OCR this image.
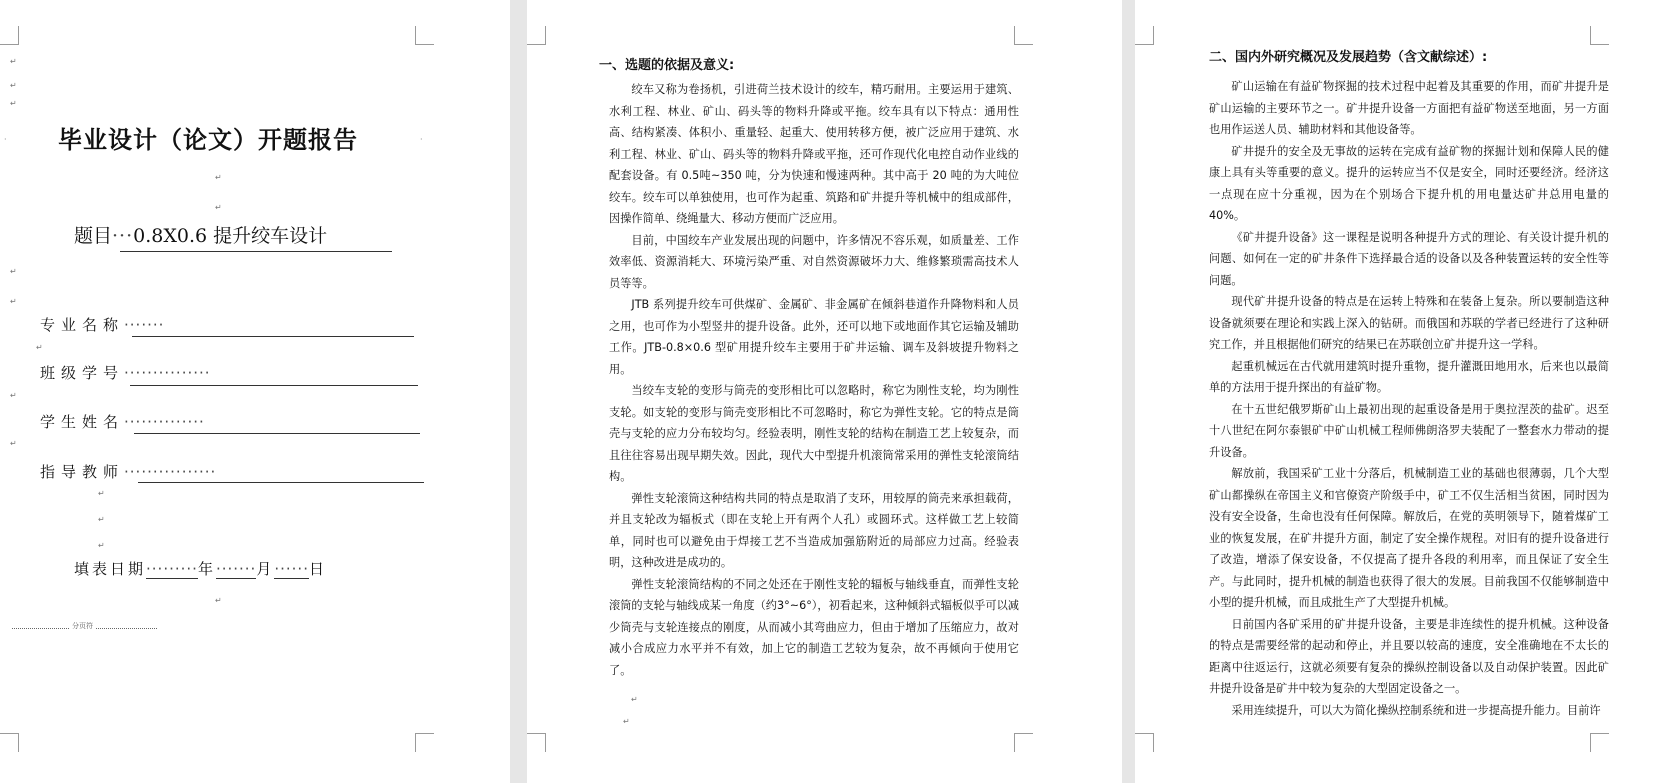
↵
↵
↵
·	·
毕业设计（论文）开题报告
↵
↵
题目···0.8X0.6 提升绞车设计
↵
↵
专业名称·······
↵
班级学号···············
↵
学生姓名··············
↵
指导教师················
↵
↵
↵
填表日期·········年·······月······日
↵
分页符
一、选题的依据及意义:

绞车又称为卷扬机，引进荷兰技术设计的绞车，精巧耐用。主要运用于建筑、水利工程、林业、矿山、码头等的物料升降或平拖。绞车具有以下特点：通用性高、结构紧凑、体积小、重量轻、起重大、使用转移方便，被广泛应用于建筑、水利工程、林业、矿山、码头等的物料升降或平拖，还可作现代化电控自动作业线的配套设备。有 0.5吨~350 吨，分为快速和慢速两种。其中高于 20 吨的为大吨位绞车。绞车可以单独使用，也可作为起重、筑路和矿井提升等机械中的组成部件，因操作简单、绕绳量大、移动方便而广泛应用。

目前，中国绞车产业发展出现的问题中，许多情况不容乐观，如质量差、工作效率低、资源消耗大、环境污染严重、对自然资源破坏力大、维修繁琐需高技术人员等等。

JTB 系列提升绞车可供煤矿、金属矿、非金属矿在倾斜巷道作升降物料和人员之用，也可作为小型竖井的提升设备。此外，还可以地下或地面作其它运输及辅助工作。JTB-0.8×0.6 型矿用提升绞车主要用于矿井运输、调车及斜坡提升物料之用。

当绞车支轮的变形与筒壳的变形相比可以忽略时，称它为刚性支轮，均为刚性支轮。如支轮的变形与筒壳变形相比不可忽略时，称它为弹性支轮。它的特点是筒壳与支轮的应力分布较均匀。经验表明，刚性支轮的结构在制造工艺上较复杂，而且往往容易出现早期失效。因此，现代大中型提升机滚筒常采用的弹性支轮滚筒结构。

弹性支轮滚筒这种结构共同的特点是取消了支环，用较厚的筒壳来承担载荷，并且支轮改为辐板式（即在支轮上开有两个人孔）或圆环式。这样做工艺上较简单，同时也可以避免由于焊接工艺不当造成加强筋附近的局部应力过高。经验表明，这种改进是成功的。

弹性支轮滚筒结构的不同之处还在于刚性支轮的辐板与轴线垂直，而弹性支轮滚筒的支轮与轴线成某一角度（约3°~6°），初看起来，这种倾斜式辐板似乎可以减少筒壳与支轮连接点的刚度，从而减小其弯曲应力，但由于增加了压缩应力，故对减小合成应力水平并不有效，加上它的制造工艺较为复杂，故不再倾向于使用它了。

↵
↵
二、国内外研究概况及发展趋势（含文献综述）:

矿山运输在有益矿物探掘的技术过程中起着及其重要的作用，而矿井提升是矿山运输的主要环节之一。矿井提升设备一方面把有益矿物送至地面，另一方面也用作运送人员、辅助材料和其他设备等。

矿井提升的安全及无事故的运转在完成有益矿物的探掘计划和保障人民的健康上具有头等重要的意义。提升的运转应当不仅是安全，同时还要经济。经济这一点现在应十分重视，因为在个别场合下提升机的用电量达矿井总用电量的40%。

《矿井提升设备》这一课程是说明各种提升方式的理论、有关设计提升机的问题、如何在一定的矿井条件下选择最合适的设备以及各种装置运转的安全性等问题。

现代矿井提升设备的特点是在运转上特殊和在装备上复杂。所以要制造这种设备就须要在理论和实践上深入的钻研。而俄国和苏联的学者已经进行了这种研究工作，并且根据他们研究的结果已在苏联创立矿井提升这一学科。

起重机械远在古代就用建筑时提升重物，提升灌溉田地用水，后来也以最简单的方法用于提升探出的有益矿物。

在十五世纪俄罗斯矿山上最初出现的起重设备是用于奥拉涅茨的盐矿。迟至十八世纪在阿尔泰银矿中矿山机械工程师佛朗洛罗夫装配了一整套水力带动的提升设备。

解放前，我国采矿工业十分落后，机械制造工业的基础也很薄弱，几个大型矿山都操纵在帝国主义和官僚资产阶级手中，矿工不仅生活相当贫困，同时因为没有安全设备，生命也没有任何保障。解放后，在党的英明领导下，随着煤矿工业的恢复发展，在矿井提升方面，制定了安全操作规程。对旧有的提升设备进行了改造，增添了保安设备，不仅提高了提升各段的利用率，而且保证了安全生产。与此同时，提升机械的制造也获得了很大的发展。目前我国不仅能够制造中小型的提升机械，而且成批生产了大型提升机械。

日前国内各矿采用的矿井提升设备，主要是非连续性的提升机械。这种设备的特点是需要经常的起动和停止，并且要以较高的速度，安全准确地在不太长的距离中往返运行，这就必须要有复杂的操纵控制设备以及自动保护装置。因此矿井提升设备是矿井中较为复杂的大型固定设备之一。

采用连续提升，可以大为简化操纵控制系统和进一步提高提升能力。目前许
